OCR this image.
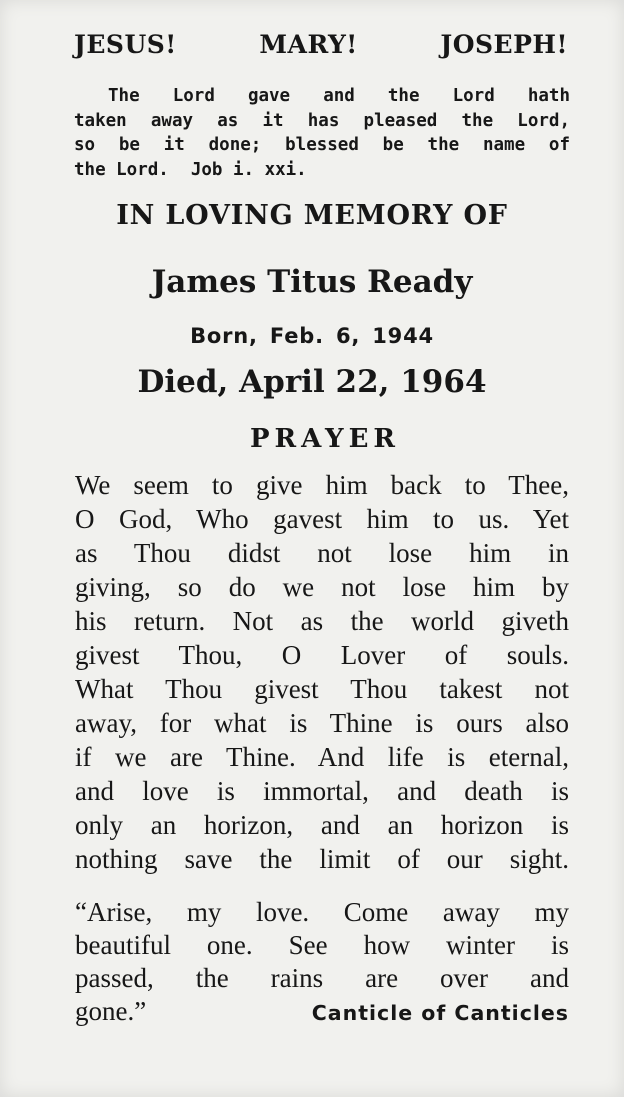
JESUS!	MARY!	JOSEPH!
The Lord gave and the Lord hath
taken away as it has pleased the Lord,
so be it done; blessed be the name of
the Lord. Job i. xxi.
IN LOVING MEMORY OF
James Titus Ready
Born, Feb. 6, 1944
Died, April 22, 1964
PRAYER
We seem to give him back to Thee,
O God, Who gavest him to us. Yet
as Thou didst not lose him in
giving, so do we not lose him by
his return. Not as the world giveth
givest Thou, O Lover of souls.
What Thou givest Thou takest not
away, for what is Thine is ours also
if we are Thine. And life is eternal,
and love is immortal, and death is
only an horizon, and an horizon is
nothing save the limit of our sight.
“Arise, my love. Come away my
beautiful one. See how winter is
passed, the rains are over and
gone.”	Canticle of Canticles
